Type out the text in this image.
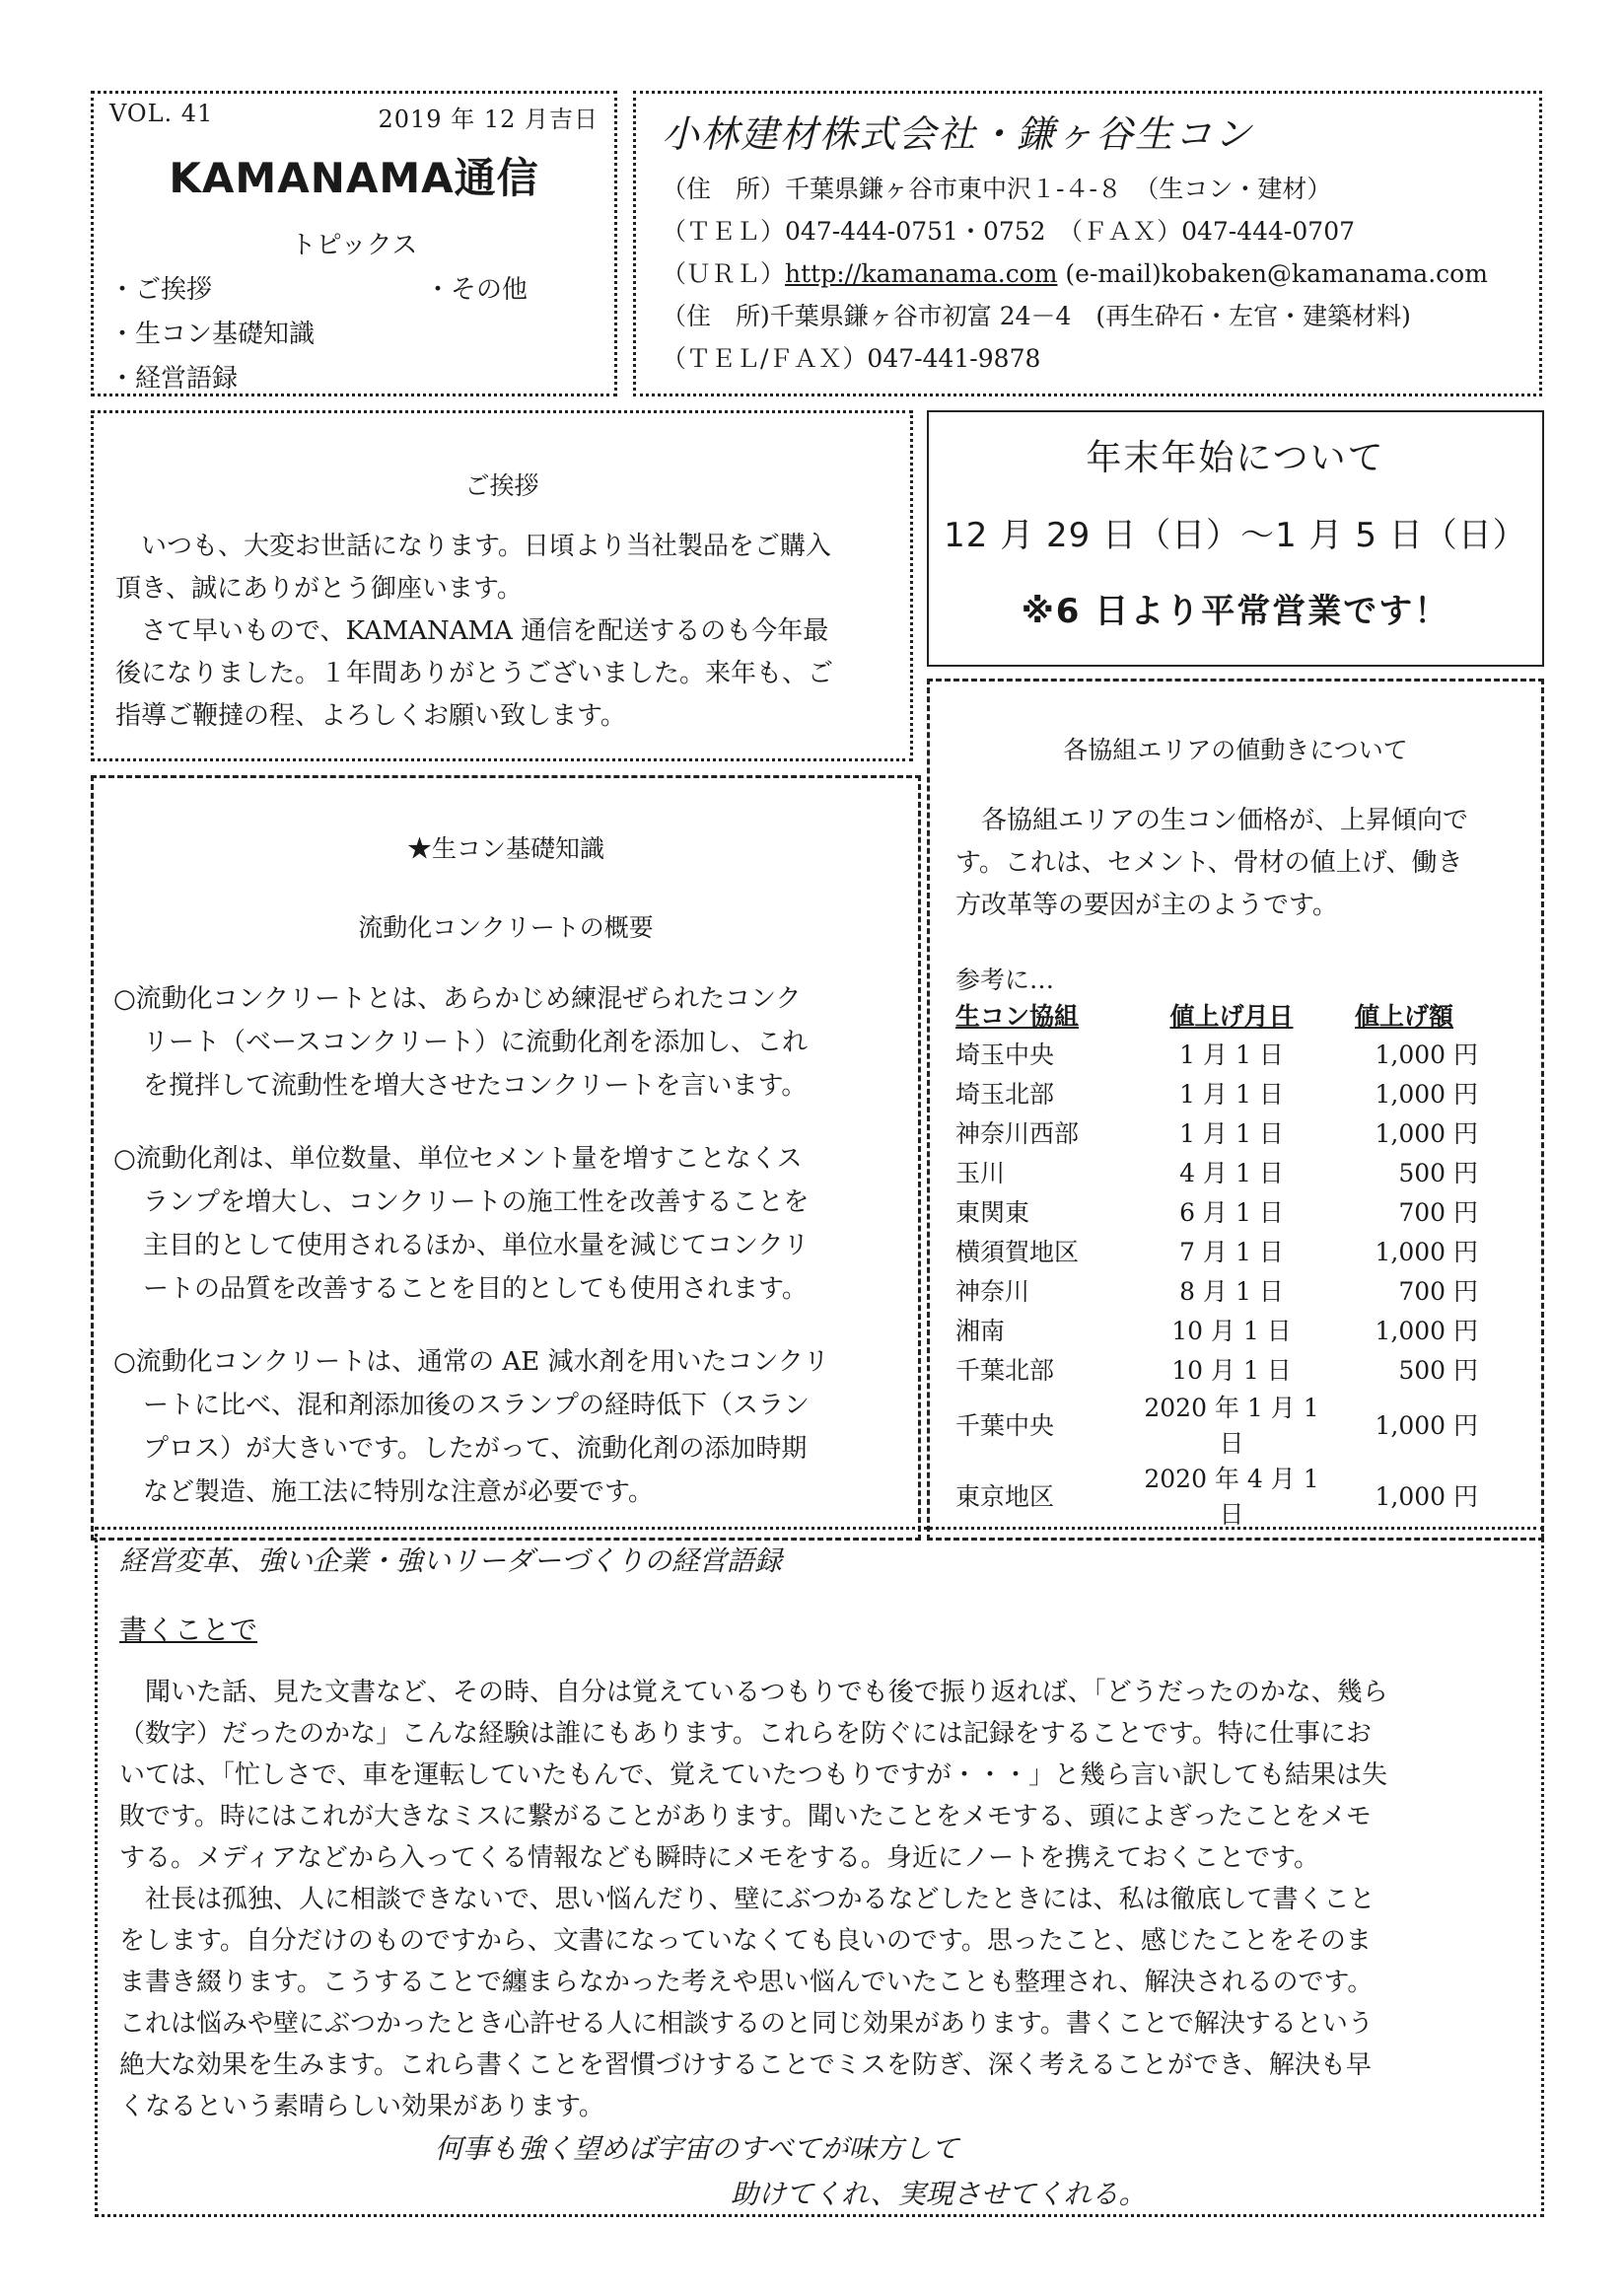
VOL. 41	2019 年 12 月吉日
KAMANAMA通信
トピックス
・ご挨拶	・その他
・生コン基礎知識
・経営語録
小林建材株式会社・鎌ヶ谷生コン
（住　所）千葉県鎌ヶ谷市東中沢１‐４‐８　（生コン・建材）
（ＴＥＬ）047‐444‐0751・0752　（ＦＡＸ）047‐444‐0707
（ＵＲＬ）http://kamanama.com (e-mail)kobaken@kamanama.com
（住　所)千葉県鎌ヶ谷市初富 24－4　(再生砕石・左官・建築材料)
（ＴＥＬ/ＦＡＸ）047‐441‐9878
ご挨拶
いつも、大変お世話になります。日頃より当社製品をご購入
頂き、誠にありがとう御座います。
さて早いもので、KAMANAMA 通信を配送するのも今年最
後になりました。１年間ありがとうございました。来年も、ご
指導ご鞭撻の程、よろしくお願い致します。
年末年始について
12 月 29 日（日）～1 月 5 日（日）
※6 日より平常営業です！
★生コン基礎知識
流動化コンクリートの概要
○流動化コンクリートとは、あらかじめ練混ぜられたコンク
リート（ベースコンクリート）に流動化剤を添加し、これ
を撹拌して流動性を増大させたコンクリートを言います。
○流動化剤は、単位数量、単位セメント量を増すことなくス
ランプを増大し、コンクリートの施工性を改善することを
主目的として使用されるほか、単位水量を減じてコンクリ
ートの品質を改善することを目的としても使用されます。
○流動化コンクリートは、通常の AE 減水剤を用いたコンクリ
ートに比べ、混和剤添加後のスランプの経時低下（スラン
プロス）が大きいです。したがって、流動化剤の添加時期
など製造、施工法に特別な注意が必要です。
各協組エリアの値動きについて
各協組エリアの生コン価格が、上昇傾向で
す。これは、セメント、骨材の値上げ、働き
方改革等の要因が主のようです。
参考に…
生コン協組	値上げ月日	値上げ額
埼玉中央	1 月 1 日	1,000 円
埼玉北部	1 月 1 日	1,000 円
神奈川西部	1 月 1 日	1,000 円
玉川	4 月 1 日	500 円
東関東	6 月 1 日	700 円
横須賀地区	7 月 1 日	1,000 円
神奈川	8 月 1 日	700 円
湘南	10 月 1 日	1,000 円
千葉北部	10 月 1 日	500 円
千葉中央	2020 年 1 月 1 日	1,000 円
東京地区	2020 年 4 月 1 日	1,000 円
経営変革、強い企業・強いリーダーづくりの経営語録
書くことで
聞いた話、見た文書など、その時、自分は覚えているつもりでも後で振り返れば、「どうだったのかな、幾ら
（数字）だったのかな」こんな経験は誰にもあります。これらを防ぐには記録をすることです。特に仕事にお
いては、「忙しさで、車を運転していたもんで、覚えていたつもりですが・・・」と幾ら言い訳しても結果は失
敗です。時にはこれが大きなミスに繋がることがあります。聞いたことをメモする、頭によぎったことをメモ
する。メディアなどから入ってくる情報なども瞬時にメモをする。身近にノートを携えておくことです。
社長は孤独、人に相談できないで、思い悩んだり、壁にぶつかるなどしたときには、私は徹底して書くこと
をします。自分だけのものですから、文書になっていなくても良いのです。思ったこと、感じたことをそのま
ま書き綴ります。こうすることで纏まらなかった考えや思い悩んでいたことも整理され、解決されるのです。
これは悩みや壁にぶつかったとき心許せる人に相談するのと同じ効果があります。書くことで解決するという
絶大な効果を生みます。これら書くことを習慣づけすることでミスを防ぎ、深く考えることができ、解決も早
くなるという素晴らしい効果があります。
何事も強く望めば宇宙のすべてが味方して
助けてくれ、実現させてくれる。
